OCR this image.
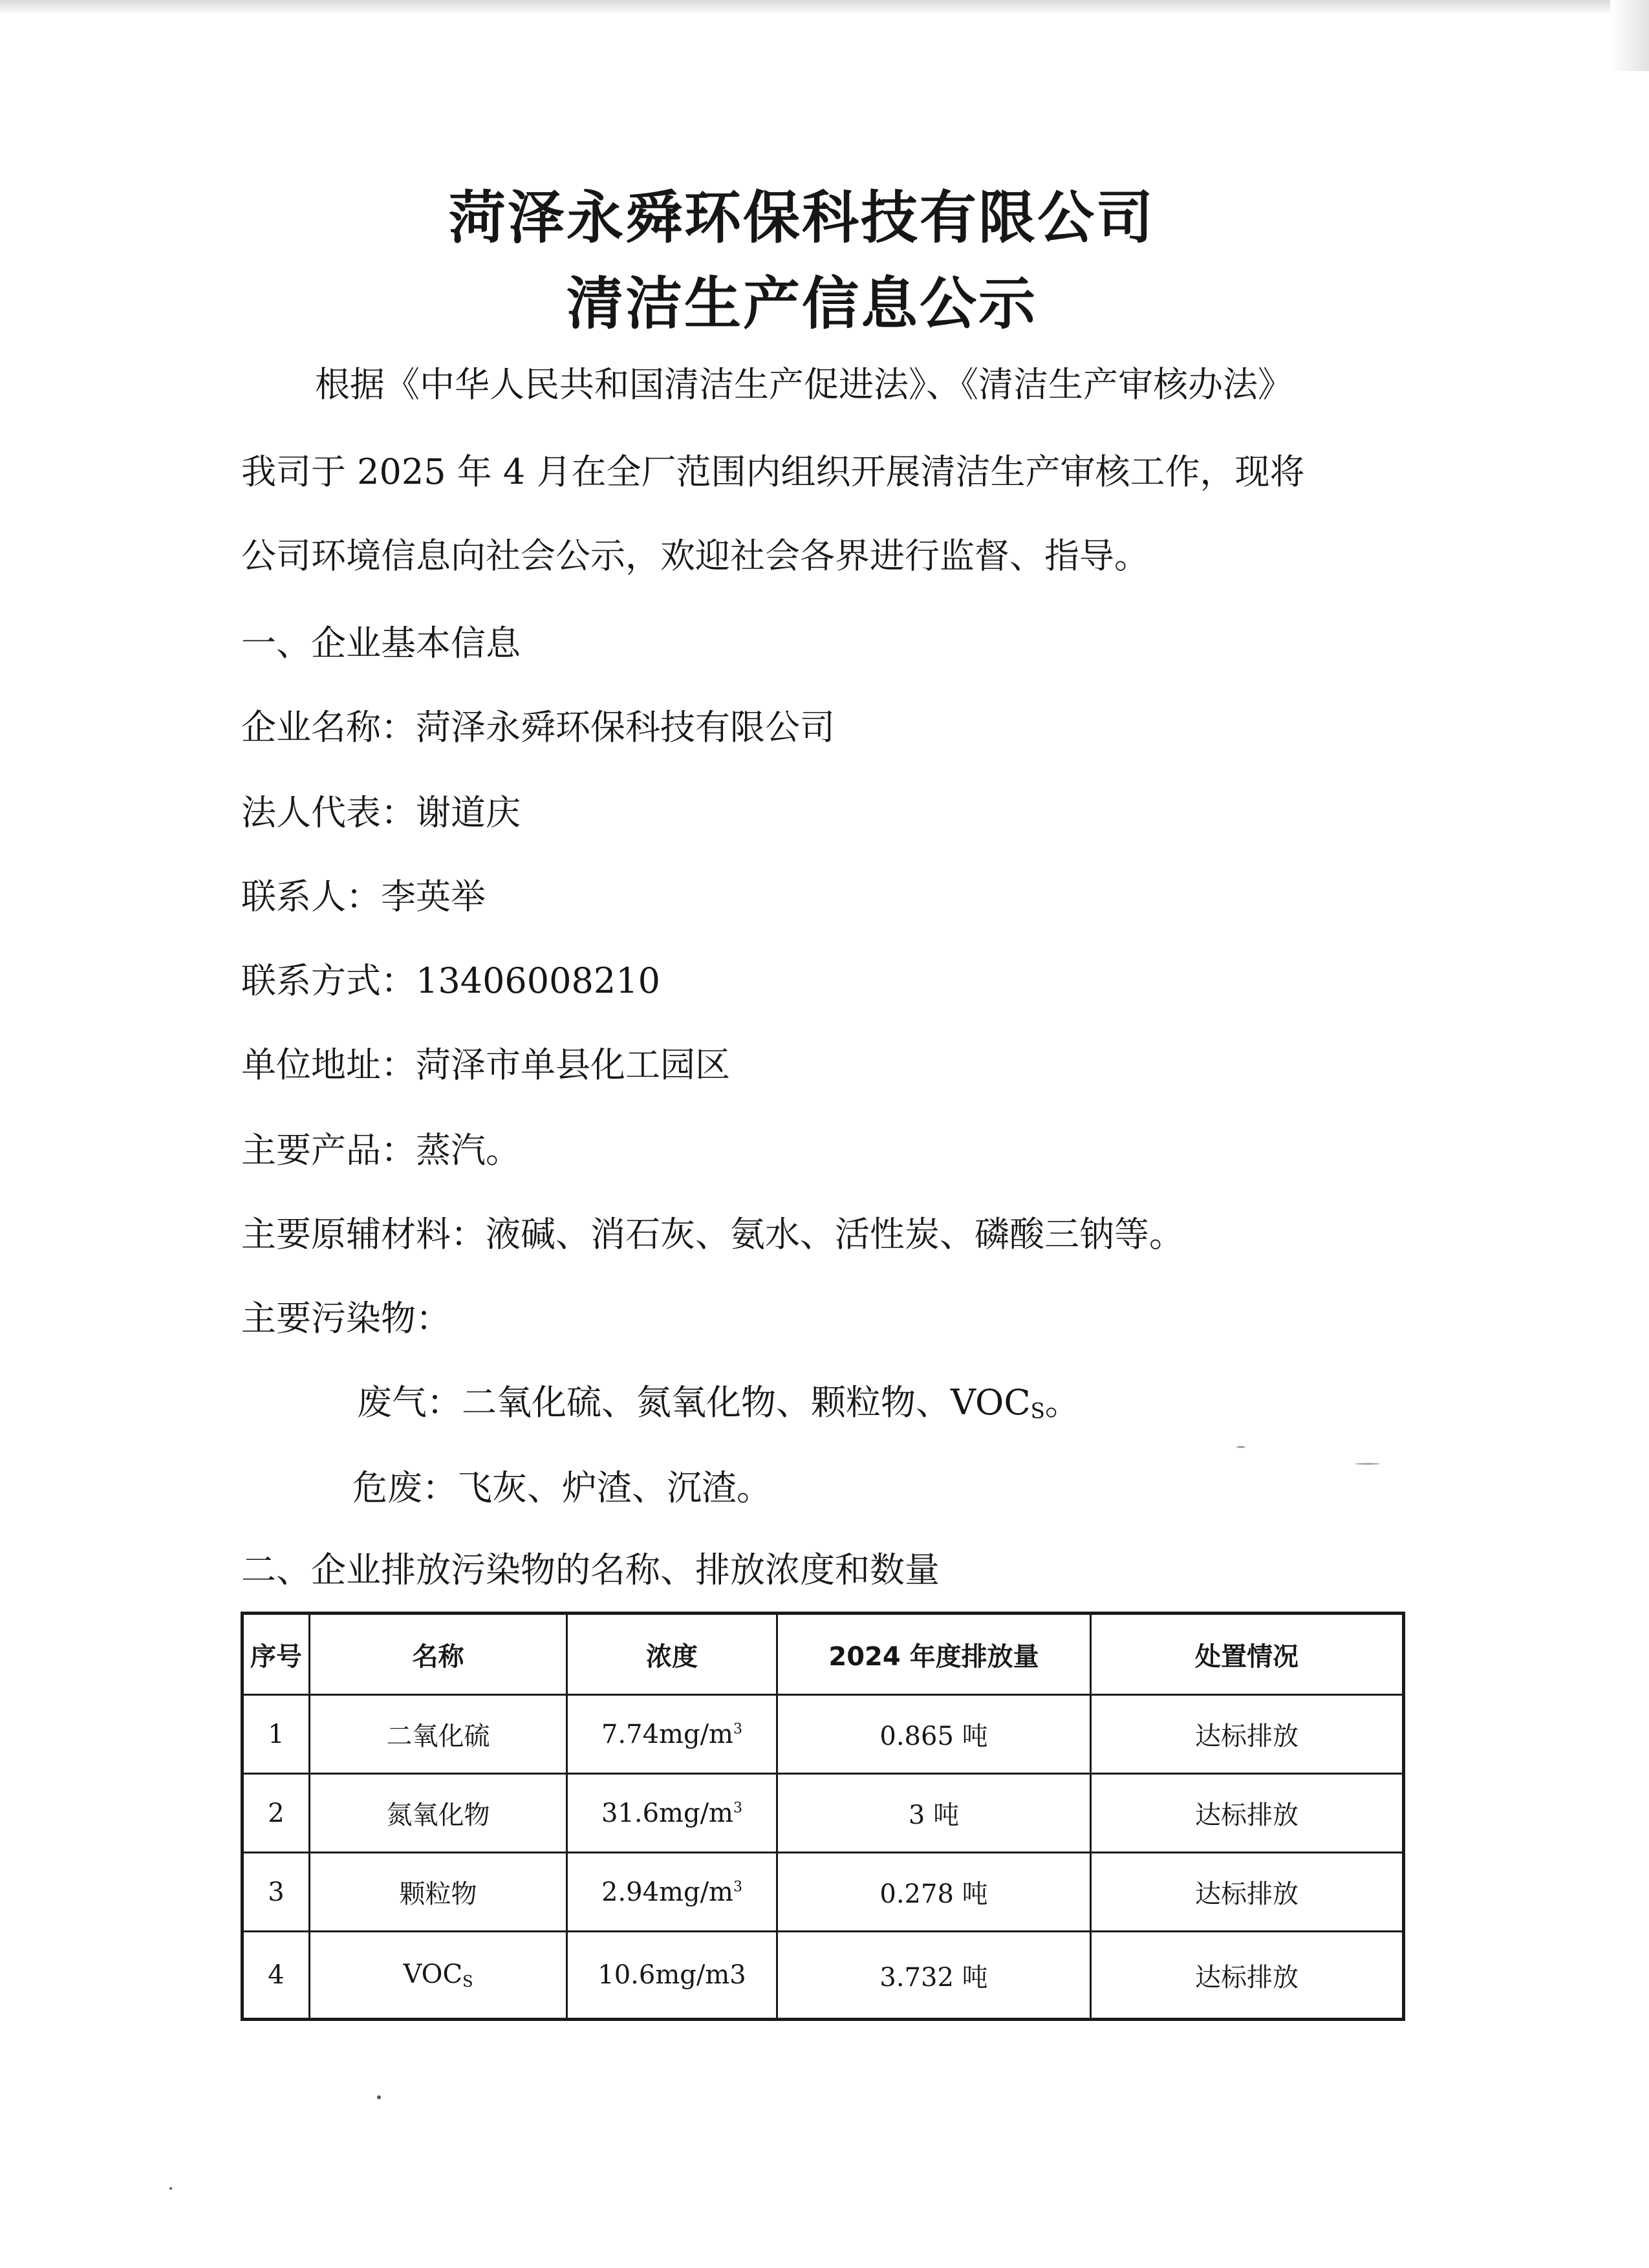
菏泽永舜环保科技有限公司
清洁生产信息公示

根据《中华人民共和国清洁生产促进法》、《清洁生产审核办法》

我司于 2025 年 4 月在全厂范围内组织开展清洁生产审核工作，现将

公司环境信息向社会公示，欢迎社会各界进行监督、指导。

一、企业基本信息

企业名称：菏泽永舜环保科技有限公司

法人代表：谢道庆

联系人：李英举

联系方式：13406008210

单位地址：菏泽市单县化工园区

主要产品：蒸汽。

主要原辅材料：液碱、消石灰、氨水、活性炭、磷酸三钠等。

主要污染物：

废气：二氧化硫、氮氧化物、颗粒物、$VOC_S$。

危废：飞灰、炉渣、沉渣。

二、企业排放污染物的名称、排放浓度和数量

序号	名称	浓度	2024 年度排放量	处置情况
1	二氧化硫	$7.74mg/m^3$	0.865 吨	达标排放
2	氮氧化物	$31.6mg/m^3$	3 吨	达标排放
3	颗粒物	$2.94mg/m^3$	0.278 吨	达标排放
4	$VOC_S$	10.6mg/m3	3.732 吨	达标排放
